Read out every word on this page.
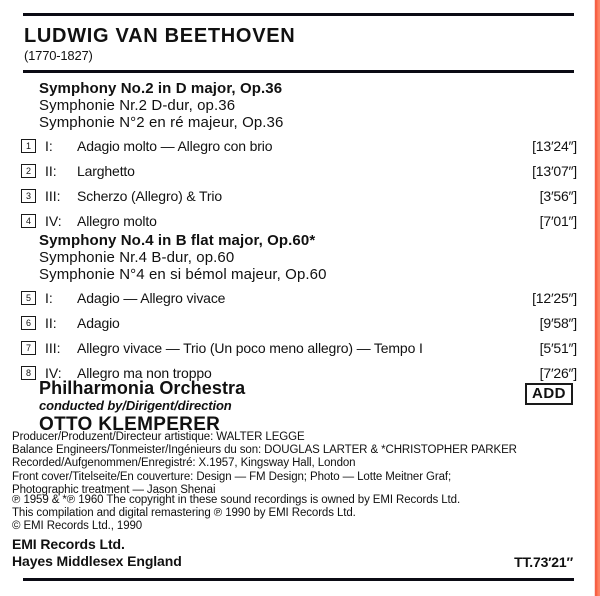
LUDWIG VAN BEETHOVEN
(1770-1827)
Symphony No.2 in D major, Op.36
Symphonie Nr.2 D-dur, op.36
Symphonie N°2 en ré majeur, Op.36
1	I:	Adagio molto — Allegro con brio	[13′24″]
2	II:	Larghetto	[13′07″]
3	III:	Scherzo (Allegro) & Trio	[3′56″]
4	IV:	Allegro molto	[7′01″]
Symphony No.4 in B flat major, Op.60*
Symphonie Nr.4 B-dur, op.60
Symphonie N°4 en si bémol majeur, Op.60
5	I:	Adagio — Allegro vivace	[12′25″]
6	II:	Adagio	[9′58″]
7	III:	Allegro vivace — Trio (Un poco meno allegro) — Tempo I	[5′51″]
8	IV:	Allegro ma non troppo	[7′26″]
Philharmonia Orchestra
conducted by/Dirigent/direction
OTTO KLEMPERER
ADD
Producer/Produzent/Directeur artistique: WALTER LEGGE
Balance Engineers/Tonmeister/Ingénieurs du son: DOUGLAS LARTER & *CHRISTOPHER PARKER
Recorded/Aufgenommen/Enregistré: X.1957, Kingsway Hall, London
Front cover/Titelseite/En couverture: Design — FM Design; Photo — Lotte Meitner Graf;
Photographic treatment — Jason Shenai
℗ 1959 & *℗ 1960 The copyright in these sound recordings is owned by EMI Records Ltd.
This compilation and digital remastering ℗ 1990 by EMI Records Ltd.
© EMI Records Ltd., 1990
EMI Records Ltd.
Hayes Middlesex England	TT.73′21″
